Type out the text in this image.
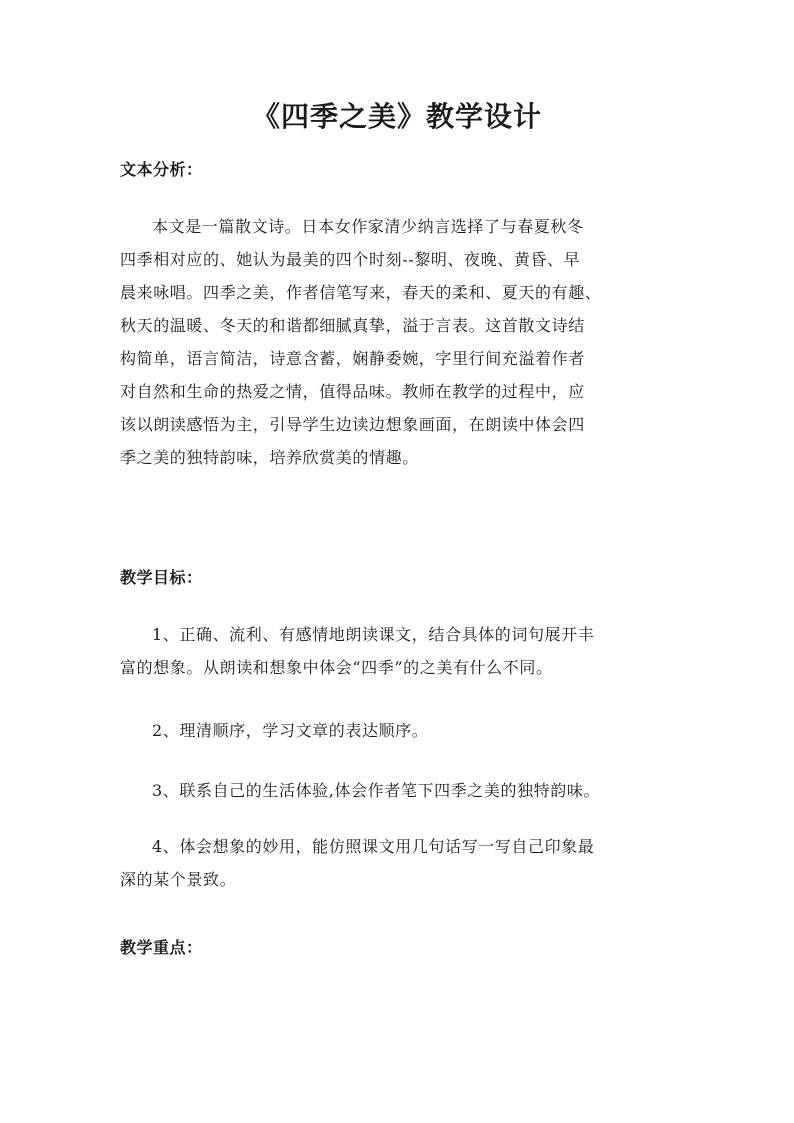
《四季之美》教学设计
文本分析：
本文是一篇散文诗。日本女作家清少纳言选择了与春夏秋冬
四季相对应的、她认为最美的四个时刻--黎明、夜晚、黄昏、早
晨来咏唱。四季之美，作者信笔写来，春天的柔和、夏天的有趣、
秋天的温暖、冬天的和谐都细腻真挚，溢于言表。这首散文诗结
构简单，语言简洁，诗意含蓄，娴静委婉，字里行间充溢着作者
对自然和生命的热爱之情，值得品味。教师在教学的过程中，应
该以朗读感悟为主，引导学生边读边想象画面，在朗读中体会四
季之美的独特韵味，培养欣赏美的情趣。
教学目标：
1、正确、流利、有感情地朗读课文，结合具体的词句展开丰
富的想象。从朗读和想象中体会“四季”的之美有什么不同。
2、理清顺序，学习文章的表达顺序。
3、联系自己的生活体验,体会作者笔下四季之美的独特韵味。
4、体会想象的妙用，能仿照课文用几句话写一写自己印象最
深的某个景致。
教学重点：
